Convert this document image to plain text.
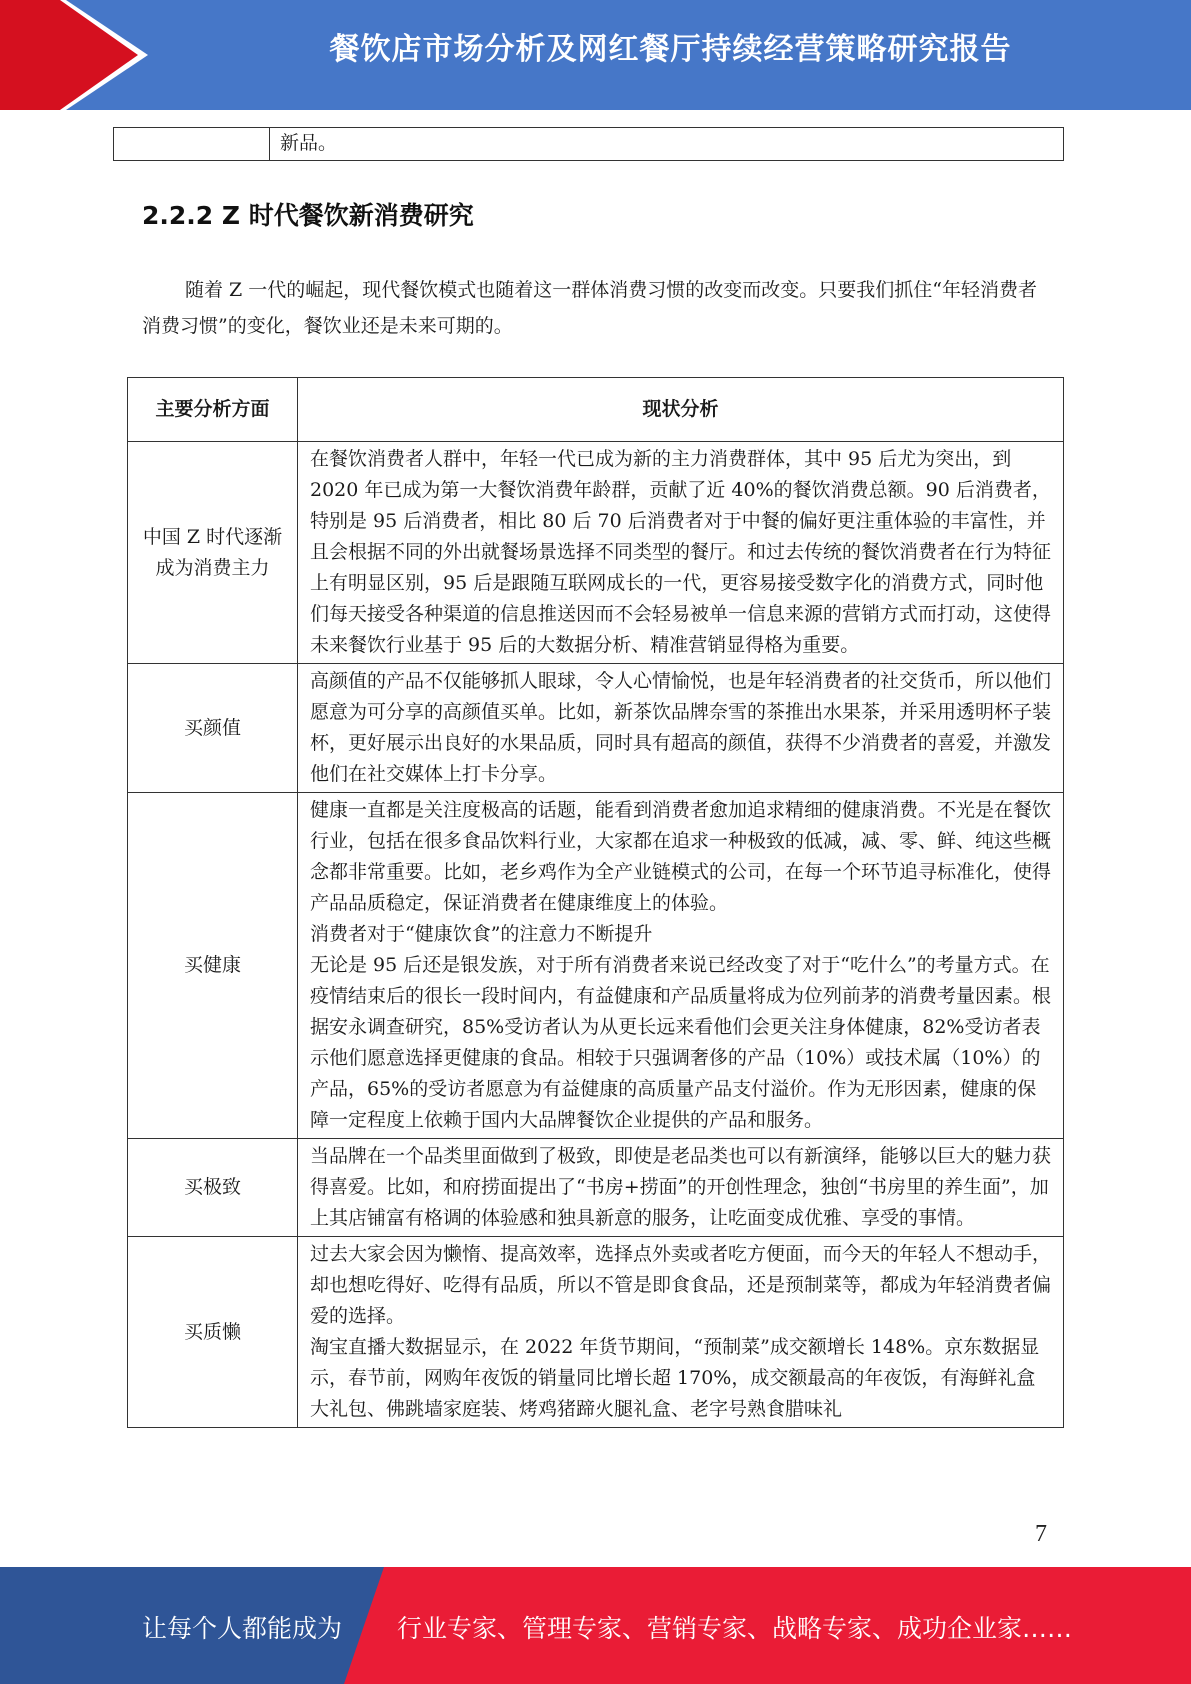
餐饮店市场分析及网红餐厅持续经营策略研究报告
新品。
2.2.2 Z 时代餐饮新消费研究

随着 Z 一代的崛起，现代餐饮模式也随着这一群体消费习惯的改变而改变。只要我们抓住“年轻消费者消费习惯”的变化，餐饮业还是未来可期的。

主要分析方面	现状分析
中国 Z 时代逐渐成为消费主力
在餐饮消费者人群中，年轻一代已成为新的主力消费群体，其中 95 后尤为突出，到 2020 年已成为第一大餐饮消费年龄群，贡献了近 40%的餐饮消费总额。90 后消费者，特别是 95 后消费者，相比 80 后 70 后消费者对于中餐的偏好更注重体验的丰富性，并且会根据不同的外出就餐场景选择不同类型的餐厅。和过去传统的餐饮消费者在行为特征上有明显区别，95 后是跟随互联网成长的一代，更容易接受数字化的消费方式，同时他们每天接受各种渠道的信息推送因而不会轻易被单一信息来源的营销方式而打动，这使得未来餐饮行业基于 95 后的大数据分析、精准营销显得格为重要。
买颜值
高颜值的产品不仅能够抓人眼球，令人心情愉悦，也是年轻消费者的社交货币，所以他们愿意为可分享的高颜值买单。比如，新茶饮品牌奈雪的茶推出水果茶，并采用透明杯子装杯，更好展示出良好的水果品质，同时具有超高的颜值，获得不少消费者的喜爱，并激发他们在社交媒体上打卡分享。
买健康
健康一直都是关注度极高的话题，能看到消费者愈加追求精细的健康消费。不光是在餐饮行业，包括在很多食品饮料行业，大家都在追求一种极致的低减，减、零、鲜、纯这些概念都非常重要。比如，老乡鸡作为全产业链模式的公司，在每一个环节追寻标准化，使得产品品质稳定，保证消费者在健康维度上的体验。
消费者对于“健康饮食”的注意力不断提升
无论是 95 后还是银发族，对于所有消费者来说已经改变了对于“吃什么”的考量方式。在疫情结束后的很长一段时间内，有益健康和产品质量将成为位列前茅的消费考量因素。根据安永调查研究，85%受访者认为从更长远来看他们会更关注身体健康，82%受访者表示他们愿意选择更健康的食品。相较于只强调奢侈的产品（10%）或技术属（10%）的产品，65%的受访者愿意为有益健康的高质量产品支付溢价。作为无形因素，健康的保障一定程度上依赖于国内大品牌餐饮企业提供的产品和服务。
买极致
当品牌在一个品类里面做到了极致，即使是老品类也可以有新演绎，能够以巨大的魅力获得喜爱。比如，和府捞面提出了“书房+捞面”的开创性理念，独创“书房里的养生面”，加上其店铺富有格调的体验感和独具新意的服务，让吃面变成优雅、享受的事情。
买质懒
过去大家会因为懒惰、提高效率，选择点外卖或者吃方便面，而今天的年轻人不想动手，却也想吃得好、吃得有品质，所以不管是即食食品，还是预制菜等，都成为年轻消费者偏爱的选择。
淘宝直播大数据显示，在 2022 年货节期间，“预制菜”成交额增长 148%。京东数据显示，春节前，网购年夜饭的销量同比增长超 170%，成交额最高的年夜饭，有海鲜礼盒大礼包、佛跳墙家庭装、烤鸡猪蹄火腿礼盒、老字号熟食腊味礼
7
让每个人都能成为 行业专家、管理专家、营销专家、战略专家、成功企业家……
